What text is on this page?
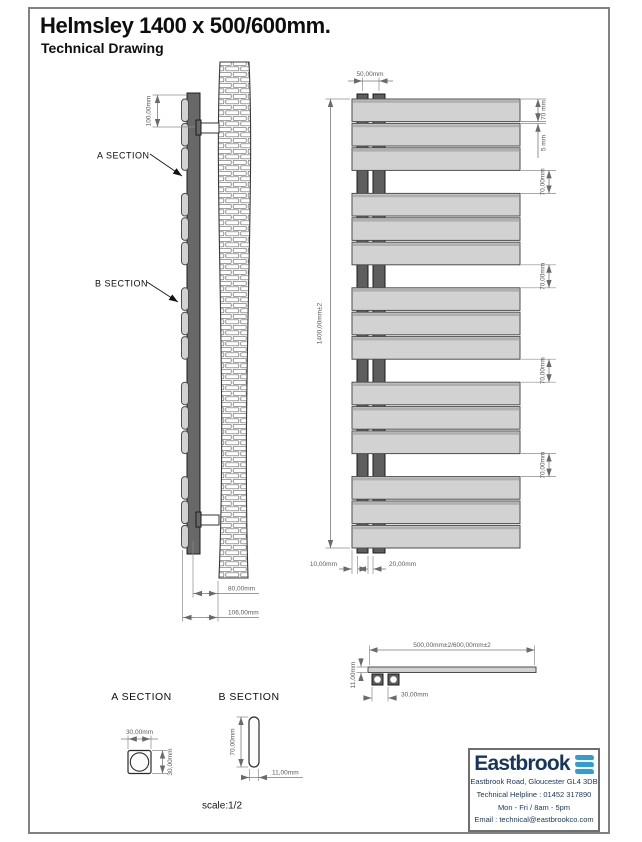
Helmsley 1400 x 500/600mm.
Technical Drawing
100,00mm
A SECTION
B SECTION
80,00mm
106,00mm
50,00mm
1400,00mm±2
70 mm
5 mm
70,00mm
70,00mm
70,00mm
70,00mm
10,00mm	20,00mm
500,00mm±2/600,00mm±2
11,00mm
30,00mm
A SECTION
30,00mm
30,00mm
B SECTION
70,00mm
11,00mm
scale:1/2
Eastbrook
Eastbrook Road, Gloucester GL4 3DB
Technical Helpline : 01452 317890
Mon - Fri / 8am - 5pm
Email : technical@eastbrookco.com
